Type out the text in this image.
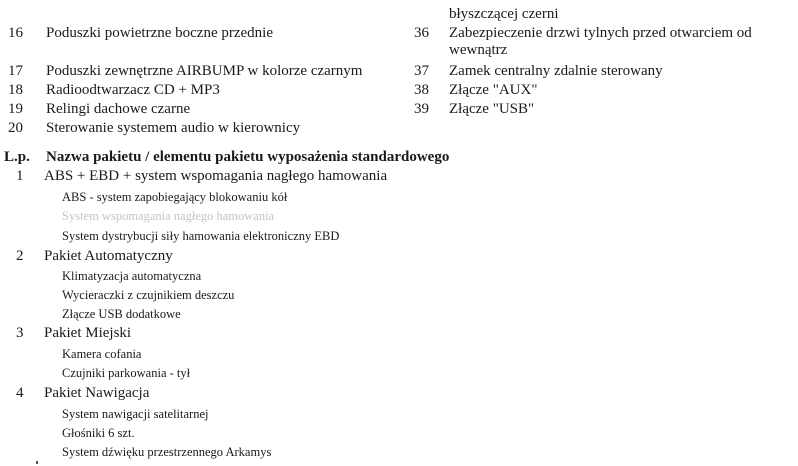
błyszczącej czerni
16	Poduszki powietrzne boczne przednie
17	Poduszki zewnętrzne AIRBUMP w kolorze czarnym
18	Radioodtwarzacz CD + MP3
19	Relingi dachowe czarne
20	Sterowanie systemem audio w kierownicy
36	Zabezpieczenie drzwi tylnych przed otwarciem od
wewnątrz
37	Zamek centralny zdalnie sterowany
38	Złącze "AUX"
39	Złącze "USB"
L.p. Nazwa pakietu / elementu pakietu wyposażenia standardowego
1	ABS + EBD + system wspomagania nagłego hamowania
ABS - system zapobiegający blokowaniu kół
System wspomagania nagłego hamowania
System dystrybucji siły hamowania elektroniczny EBD
2	Pakiet Automatyczny
Klimatyzacja automatyczna
Wycieraczki z czujnikiem deszczu
Złącze USB dodatkowe
3	Pakiet Miejski
Kamera cofania
Czujniki parkowania - tył
4	Pakiet Nawigacja
System nawigacji satelitarnej
Głośniki 6 szt.
System dźwięku przestrzennego Arkamys
